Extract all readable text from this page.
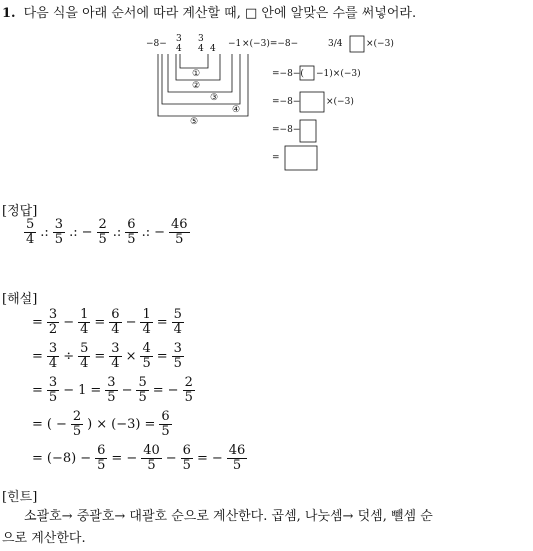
1. 다음 식을 아래 순서에 따라 계산할 때, □ 안에 알맞은 수를 써넣어라.
−8− 3
4
3
4 4 −1 ×(−3)=−8−	3/4	×(−3)
①
②
③
④
⑤
=−8−( −1)×(−3)
=−8−	×(−3)
=−8−
=
[정답]
$\frac{5}{4}$ .: $\frac{3}{5}$ .: − $\frac{2}{5}$ .: $\frac{6}{5}$ .: − $\frac{46}{5}$
[해설]
= $\frac{3}{2} - \frac{1}{4} = \frac{6}{4} - \frac{1}{4} = \frac{5}{4}$
= $\frac{3}{4} \div \frac{5}{4} = \frac{3}{4} \times \frac{4}{5} = \frac{3}{5}$
= $\frac{3}{5} - 1 = \frac{3}{5} - \frac{5}{5}$ = − $\frac{2}{5}$
= ( − $\frac{2}{5}$ ) × $(-3) = \frac{6}{5}$
= $(-8) - \frac{6}{5}$ = − $\frac{40}{5} - \frac{6}{5}$ = − $\frac{46}{5}$
[힌트]
소괄호→ 중괄호→ 대괄호 순으로 계산한다. 곱셈, 나눗셈→ 덧셈, 뺄셈 순
으로 계산한다.
